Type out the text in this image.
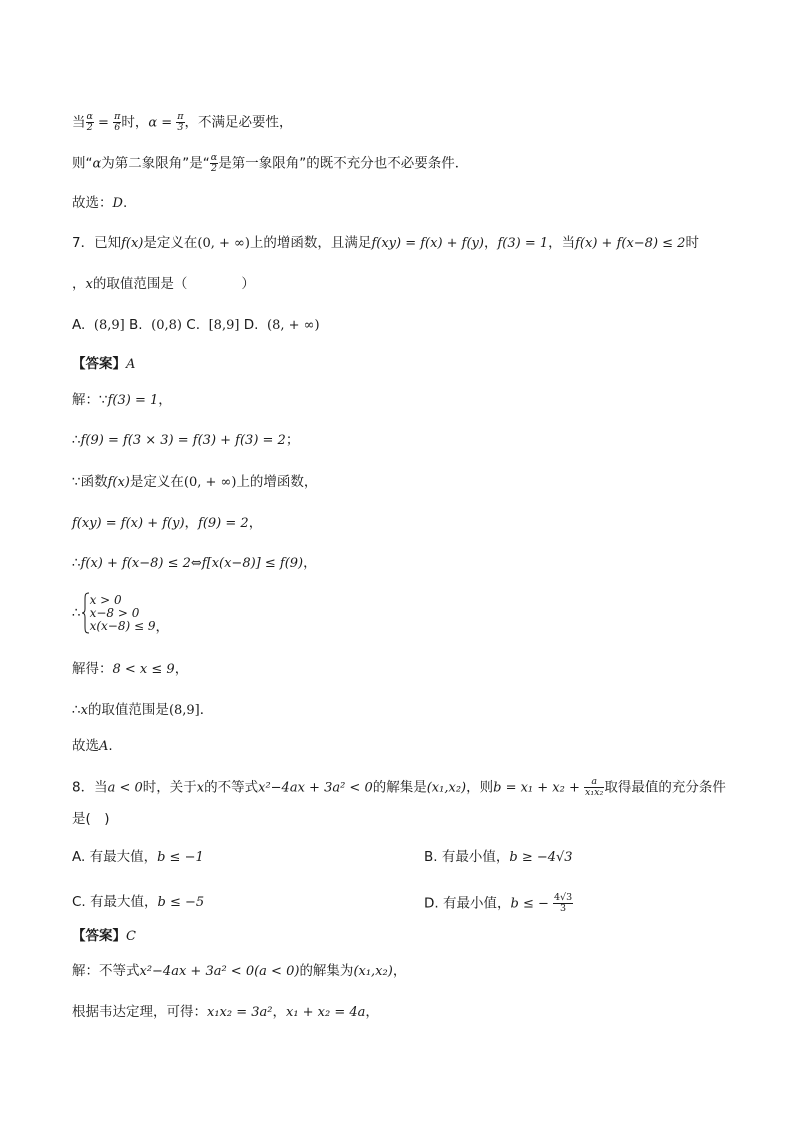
当 $\frac{\alpha}{2} = \frac{\pi}{6}$ 时，$\alpha = \frac{\pi}{3}$ ，不满足必要性，
则“α为第二象限角”是“ $\frac{\alpha}{2}$ 是第一象限角”的既不充分也不必要条件．
故选：D.
7．已知f(x)是定义在(0, + ∞)上的增函数，且满足f(xy) = f(x) + f(y)，f(3) = 1，当f(x) + f(x−8) ≤ 2时
，x的取值范围是（　　　　）
A. (8,9] B. (0,8) C. [8,9] D. (8, + ∞)
【答案】A
解：∵f(3) = 1，
∴f(9) = f(3 × 3) = f(3) + f(3) = 2；
∵函数f(x)是定义在(0, + ∞)上的增函数，
f(xy) = f(x) + f(y)，f(9) = 2，
∴f(x) + f(x−8) ≤ 2⇔f[x(x−8)] ≤ f(9)，
∴
x > 0
x−8 > 0
x(x−8) ≤ 9 ，
解得：8 < x ≤ 9，
∴x的取值范围是(8,9]．
故选A.
8．当a < 0时，关于x的不等式x²−4ax + 3a² < 0的解集是(x₁,x₂)，则$b = x_1 + x_2 + \frac{a}{\text{x₁x₂}}$ 取得最值的充分条件
是(　)
A. 有最大值，b ≤ −1	B. 有最小值，b ≥ −4√3
C. 有最大值，b ≤ −5	D. 有最小值，b ≤ − $\frac{4√3}{3}$
【答案】C
解：不等式x²−4ax + 3a² < 0(a < 0)的解集为(x₁,x₂)，
根据韦达定理，可得：x₁x₂ = 3a²，x₁ + x₂ = 4a，
